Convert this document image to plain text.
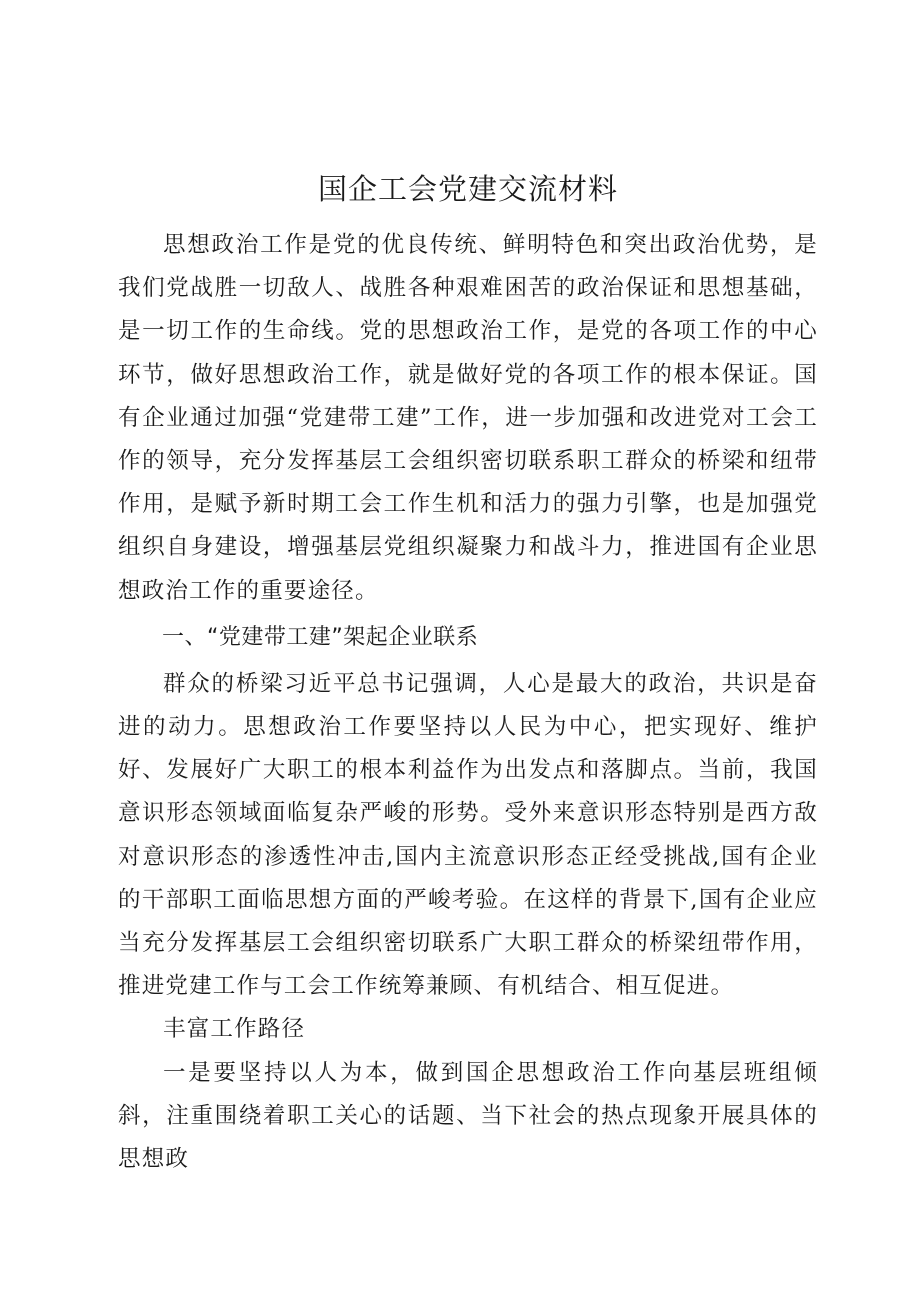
国企工会党建交流材料

思想政治工作是党的优良传统、鲜明特色和突出政治优势，是我们党战胜一切敌人、战胜各种艰难困苦的政治保证和思想基础，是一切工作的生命线。党的思想政治工作，是党的各项工作的中心环节，做好思想政治工作，就是做好党的各项工作的根本保证。国有企业通过加强“党建带工建”工作，进一步加强和改进党对工会工作的领导，充分发挥基层工会组织密切联系职工群众的桥梁和纽带作用，是赋予新时期工会工作生机和活力的强力引擎，也是加强党组织自身建设，增强基层党组织凝聚力和战斗力，推进国有企业思想政治工作的重要途径。

一、“党建带工建”架起企业联系

群众的桥梁习近平总书记强调，人心是最大的政治，共识是奋进的动力。思想政治工作要坚持以人民为中心，把实现好、维护好、发展好广大职工的根本利益作为出发点和落脚点。当前，我国意识形态领域面临复杂严峻的形势。受外来意识形态特别是西方敌对意识形态的渗透性冲击,国内主流意识形态正经受挑战,国有企业的干部职工面临思想方面的严峻考验。在这样的背景下,国有企业应当充分发挥基层工会组织密切联系广大职工群众的桥梁纽带作用，推进党建工作与工会工作统筹兼顾、有机结合、相互促进。

丰富工作路径

一是要坚持以人为本，做到国企思想政治工作向基层班组倾斜，注重围绕着职工关心的话题、当下社会的热点现象开展具体的思想政
